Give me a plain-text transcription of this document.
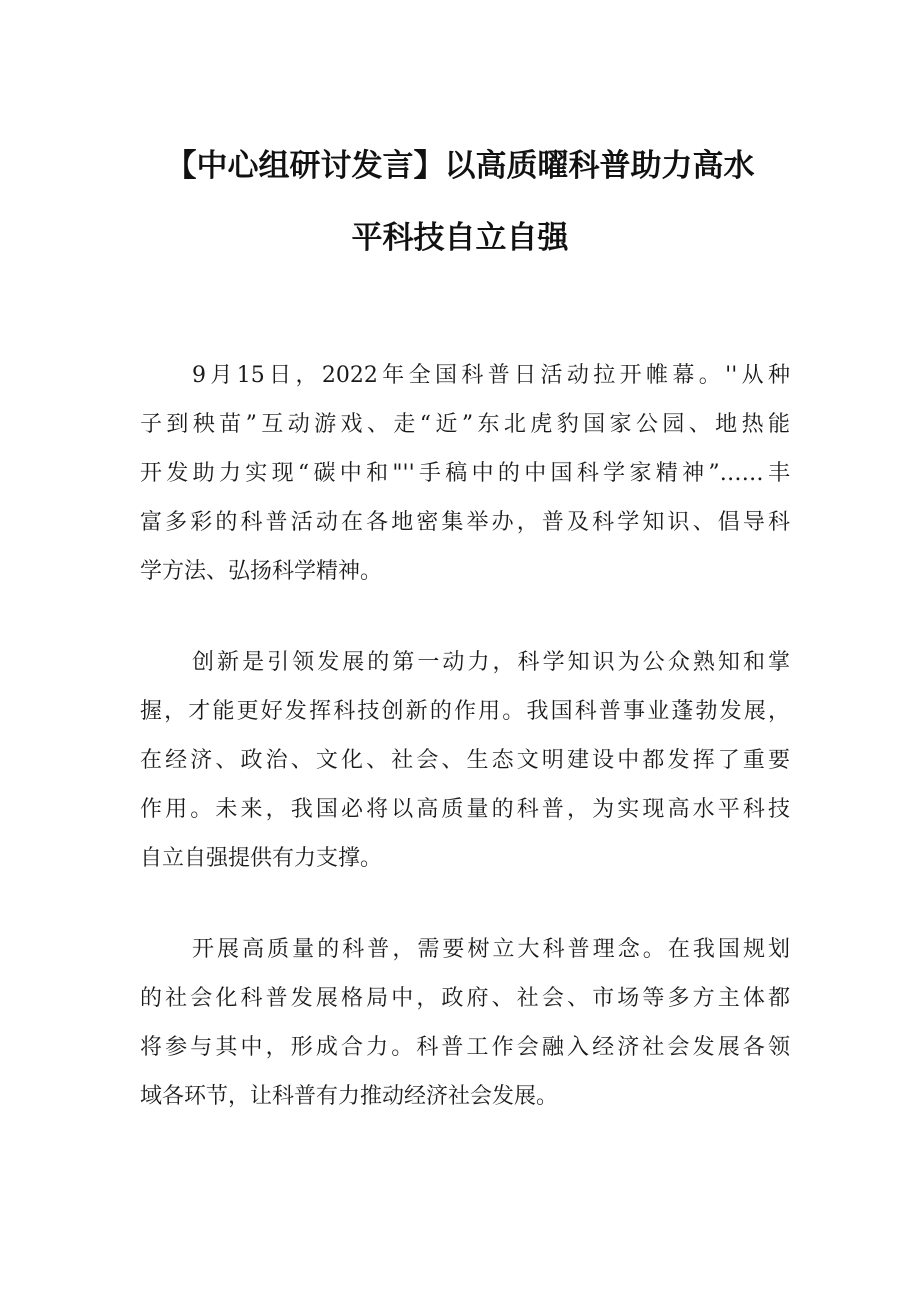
【中心组研讨发言】以高质曜科普助力高水
平科技自立自强
9月15日，2022年全国科普日活动拉开帷幕。''从种
子到秧苗”互动游戏、走“近”东北虎豹国家公园、地热能
开发助力实现“碳中和"''手稿中的中国科学家精神”……丰
富多彩的科普活动在各地密集举办，普及科学知识、倡导科
学方法、弘扬科学精神。
创新是引领发展的第一动力，科学知识为公众熟知和掌
握，才能更好发挥科技创新的作用。我国科普事业蓬勃发展，
在经济、政治、文化、社会、生态文明建设中都发挥了重要
作用。未来，我国必将以高质量的科普，为实现高水平科技
自立自强提供有力支撑。
开展高质量的科普，需要树立大科普理念。在我国规划
的社会化科普发展格局中，政府、社会、市场等多方主体都
将参与其中，形成合力。科普工作会融入经济社会发展各领
域各环节，让科普有力推动经济社会发展。
